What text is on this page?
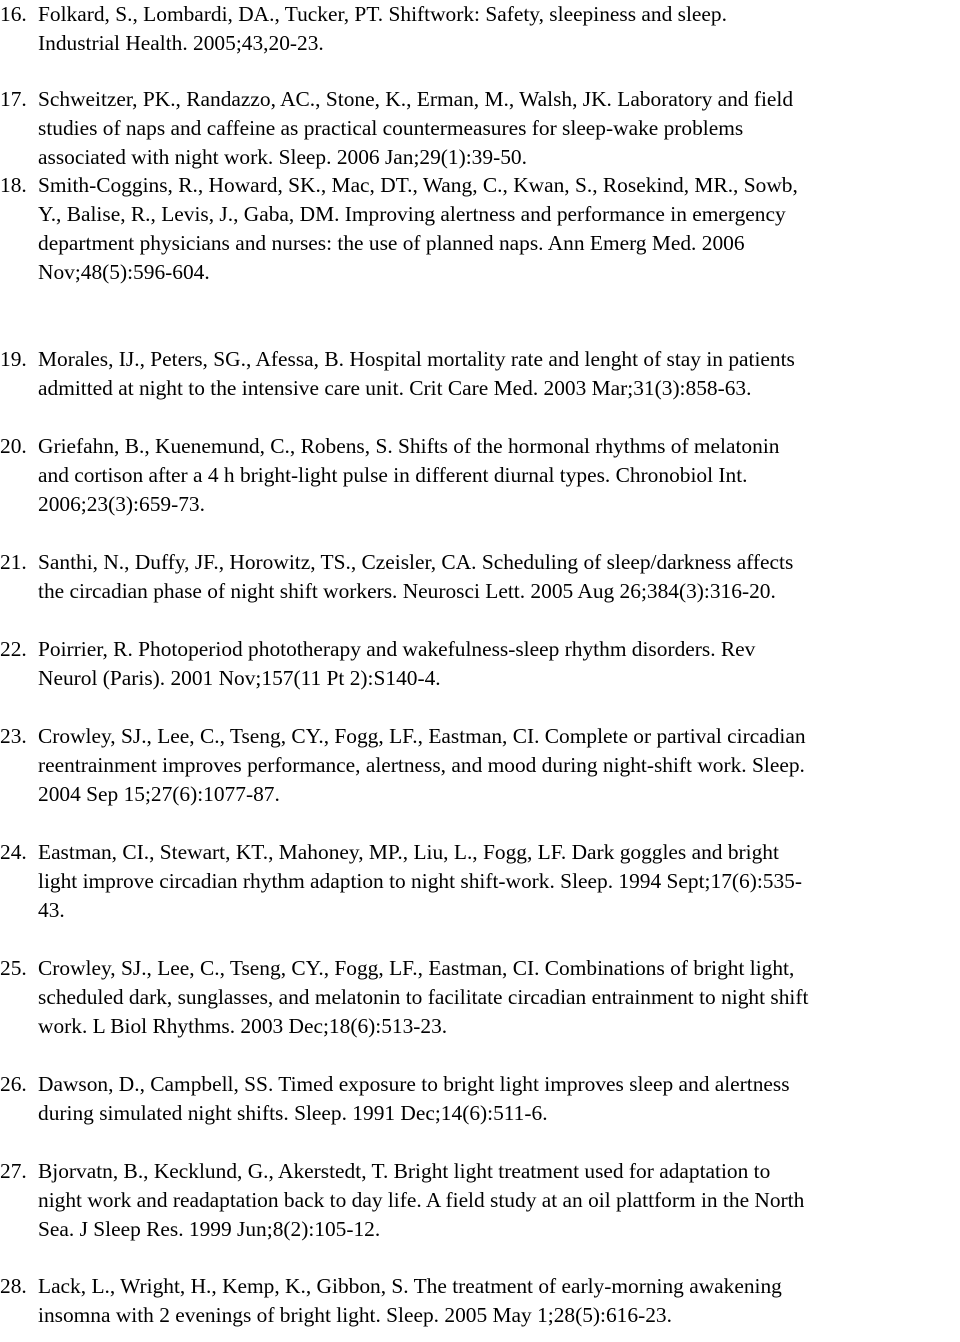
16. Folkard, S., Lombardi, DA., Tucker, PT. Shiftwork: Safety, sleepiness and sleep.
Industrial Health. 2005;43,20-23.
17. Schweitzer, PK., Randazzo, AC., Stone, K., Erman, M., Walsh, JK. Laboratory and field
studies of naps and caffeine as practical countermeasures for sleep-wake problems
associated with night work. Sleep. 2006 Jan;29(1):39-50.
18. Smith-Coggins, R., Howard, SK., Mac, DT., Wang, C., Kwan, S., Rosekind, MR., Sowb,
Y., Balise, R., Levis, J., Gaba, DM. Improving alertness and performance in emergency
department physicians and nurses: the use of planned naps. Ann Emerg Med. 2006
Nov;48(5):596-604.
19. Morales, IJ., Peters, SG., Afessa, B. Hospital mortality rate and lenght of stay in patients
admitted at night to the intensive care unit. Crit Care Med. 2003 Mar;31(3):858-63.
20. Griefahn, B., Kuenemund, C., Robens, S. Shifts of the hormonal rhythms of melatonin
and cortison after a 4 h bright-light pulse in different diurnal types. Chronobiol Int.
2006;23(3):659-73.
21. Santhi, N., Duffy, JF., Horowitz, TS., Czeisler, CA. Scheduling of sleep/darkness affects
the circadian phase of night shift workers. Neurosci Lett. 2005 Aug 26;384(3):316-20.
22. Poirrier, R. Photoperiod phototherapy and wakefulness-sleep rhythm disorders. Rev
Neurol (Paris). 2001 Nov;157(11 Pt 2):S140-4.
23. Crowley, SJ., Lee, C., Tseng, CY., Fogg, LF., Eastman, CI. Complete or partival circadian
reentrainment improves performance, alertness, and mood during night-shift work. Sleep.
2004 Sep 15;27(6):1077-87.
24. Eastman, CI., Stewart, KT., Mahoney, MP., Liu, L., Fogg, LF. Dark goggles and bright
light improve circadian rhythm adaption to night shift-work. Sleep. 1994 Sept;17(6):535-
43.
25. Crowley, SJ., Lee, C., Tseng, CY., Fogg, LF., Eastman, CI. Combinations of bright light,
scheduled dark, sunglasses, and melatonin to facilitate circadian entrainment to night shift
work. L Biol Rhythms. 2003 Dec;18(6):513-23.
26. Dawson, D., Campbell, SS. Timed exposure to bright light improves sleep and alertness
during simulated night shifts. Sleep. 1991 Dec;14(6):511-6.
27. Bjorvatn, B., Kecklund, G., Akerstedt, T. Bright light treatment used for adaptation to
night work and readaptation back to day life. A field study at an oil plattform in the North
Sea. J Sleep Res. 1999 Jun;8(2):105-12.
28. Lack, L., Wright, H., Kemp, K., Gibbon, S. The treatment of early-morning awakening
insomna with 2 evenings of bright light. Sleep. 2005 May 1;28(5):616-23.
